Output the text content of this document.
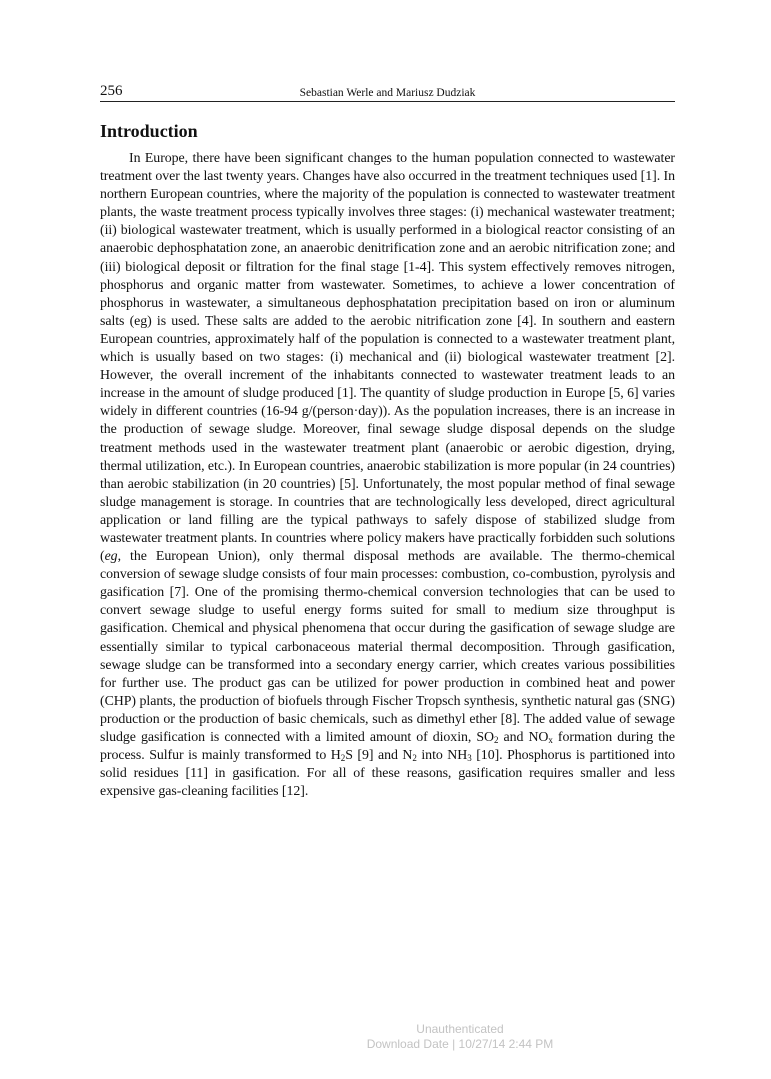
256	Sebastian Werle and Mariusz Dudziak
Introduction

In Europe, there have been significant changes to the human population connected to wastewater treatment over the last twenty years. Changes have also occurred in the treatment techniques used [1]. In northern European countries, where the majority of the population is connected to wastewater treatment plants, the waste treatment process typically involves three stages: (i) mechanical wastewater treatment; (ii) biological wastewater treatment, which is usually performed in a biological reactor consisting of an anaerobic dephosphatation zone, an anaerobic denitrification zone and an aerobic nitrification zone; and (iii) biological deposit or filtration for the final stage [1-4]. This system effectively removes nitrogen, phosphorus and organic matter from wastewater. Sometimes, to achieve a lower concentration of phosphorus in wastewater, a simultaneous dephosphatation precipitation based on iron or aluminum salts (eg) is used. These salts are added to the aerobic nitrification zone [4]. In southern and eastern European countries, approximately half of the population is connected to a wastewater treatment plant, which is usually based on two stages: (i) mechanical and (ii) biological wastewater treatment [2]. However, the overall increment of the inhabitants connected to wastewater treatment leads to an increase in the amount of sludge produced [1]. The quantity of sludge production in Europe [5, 6] varies widely in different countries (16-94 g/(person·day)). As the population increases, there is an increase in the production of sewage sludge. Moreover, final sewage sludge disposal depends on the sludge treatment methods used in the wastewater treatment plant (anaerobic or aerobic digestion, drying, thermal utilization, etc.). In European countries, anaerobic stabilization is more popular (in 24 countries) than aerobic stabilization (in 20 countries) [5]. Unfortunately, the most popular method of final sewage sludge management is storage. In countries that are technologically less developed, direct agricultural application or land filling are the typical pathways to safely dispose of stabilized sludge from wastewater treatment plants. In countries where policy makers have practically forbidden such solutions (eg, the European Union), only thermal disposal methods are available. The thermo-chemical conversion of sewage sludge consists of four main processes: combustion, co-combustion, pyrolysis and gasification [7]. One of the promising thermo-chemical conversion technologies that can be used to convert sewage sludge to useful energy forms suited for small to medium size throughput is gasification. Chemical and physical phenomena that occur during the gasification of sewage sludge are essentially similar to typical carbonaceous material thermal decomposition. Through gasification, sewage sludge can be transformed into a secondary energy carrier, which creates various possibilities for further use. The product gas can be utilized for power production in combined heat and power (CHP) plants, the production of biofuels through Fischer Tropsch synthesis, synthetic natural gas (SNG) production or the production of basic chemicals, such as dimethyl ether [8]. The added value of sewage sludge gasification is connected with a limited amount of dioxin, $SO_2$ and $NO_x$ formation during the process. Sulfur is mainly transformed to $H_2S$ [9] and $N_2$ into $NH_3$ [10]. Phosphorus is partitioned into solid residues [11] in gasification. For all of these reasons, gasification requires smaller and less expensive gas-cleaning facilities [12].

Unauthenticated
Download Date | 10/27/14 2:44 PM
